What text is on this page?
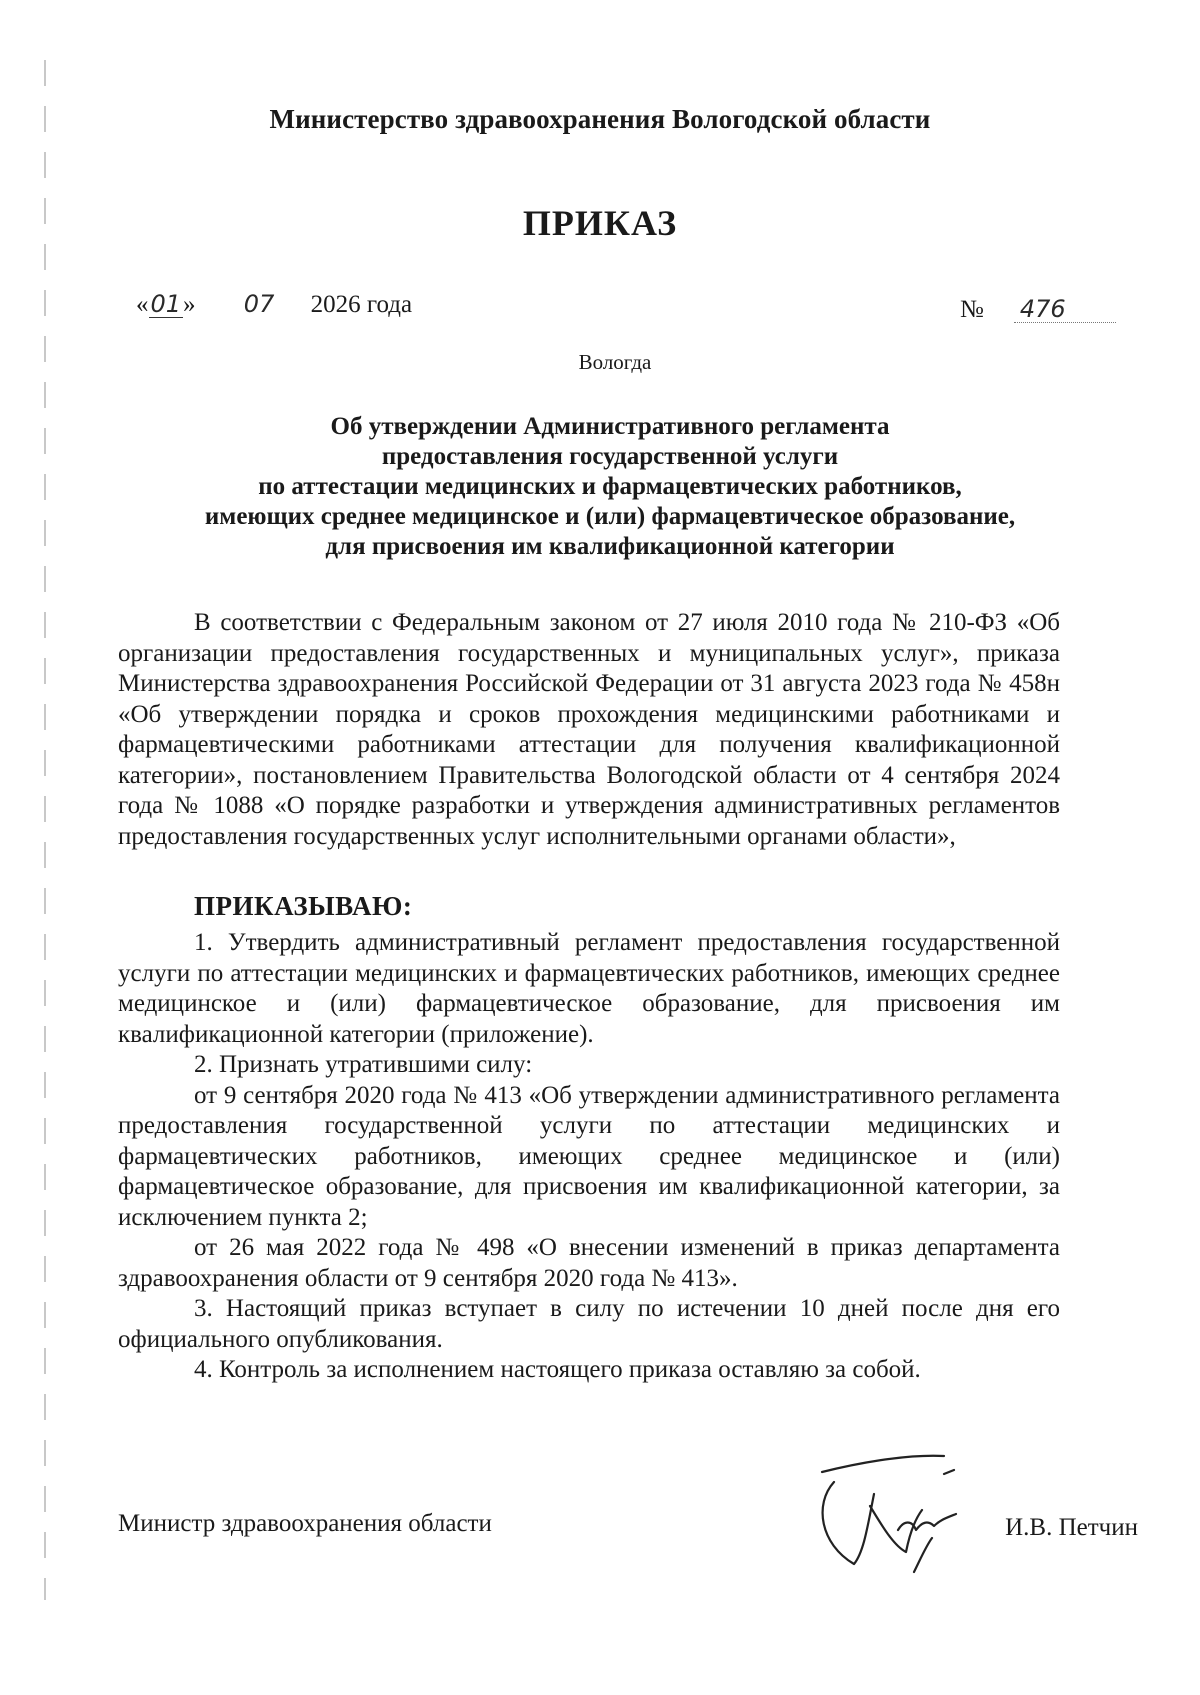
Министерство здравоохранения Вологодской области
ПРИКАЗ
«01» 07 2026 года	№ 476
Вологда
Об утверждении Административного регламента
предоставления государственной услуги
по аттестации медицинских и фармацевтических работников,
имеющих среднее медицинское и (или) фармацевтическое образование,
для присвоения им квалификационной категории

В соответствии с Федеральным законом от 27 июля 2010 года № 210-ФЗ «Об организации предоставления государственных и муниципальных услуг», приказа Министерства здравоохранения Российской Федерации от 31 августа 2023 года № 458н «Об утверждении порядка и сроков прохождения медицинскими работниками и фармацевтическими работниками аттестации для получения квалификационной категории», постановлением Правительства Вологодской области от 4 сентября 2024 года № 1088 «О порядке разработки и утверждения административных регламентов предоставления государственных услуг исполнительными органами области»,

ПРИКАЗЫВАЮ:

1. Утвердить административный регламент предоставления государственной услуги по аттестации медицинских и фармацевтических работников, имеющих среднее медицинское и (или) фармацевтическое образование, для присвоения им квалификационной категории (приложение).

2. Признать утратившими силу:

от 9 сентября 2020 года № 413 «Об утверждении административного регламента предоставления государственной услуги по аттестации медицинских и фармацевтических работников, имеющих среднее медицинское и (или) фармацевтическое образование, для присвоения им квалификационной категории, за исключением пункта 2;

от 26 мая 2022 года № 498 «О внесении изменений в приказ департамента здравоохранения области от 9 сентября 2020 года № 413».

3. Настоящий приказ вступает в силу по истечении 10 дней после дня его официального опубликования.

4. Контроль за исполнением настоящего приказа оставляю за собой.

Министр здравоохранения области	И.В. Петчин
